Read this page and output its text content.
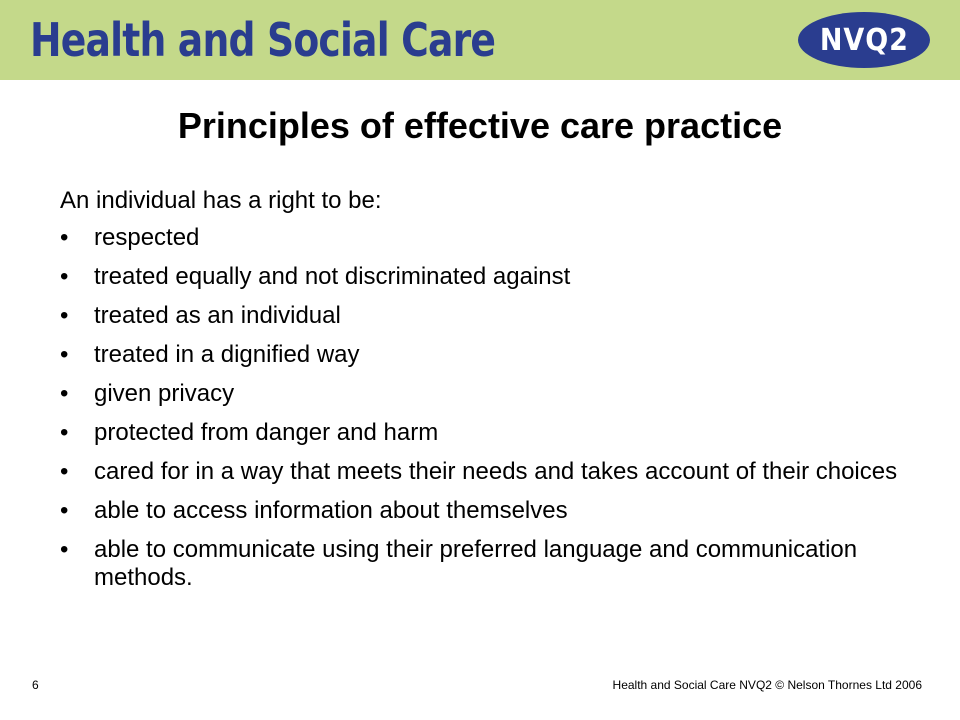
Health and Social Care	NVQ2
Principles of effective care practice

An individual has a right to be:

• respected
• treated equally and not discriminated against
• treated as an individual
• treated in a dignified way
• given privacy
• protected from danger and harm
• cared for in a way that meets their needs and takes account of their choices
• able to access information about themselves
• able to communicate using their preferred language and communication methods.
6	Health and Social Care NVQ2 © Nelson Thornes Ltd 2006
